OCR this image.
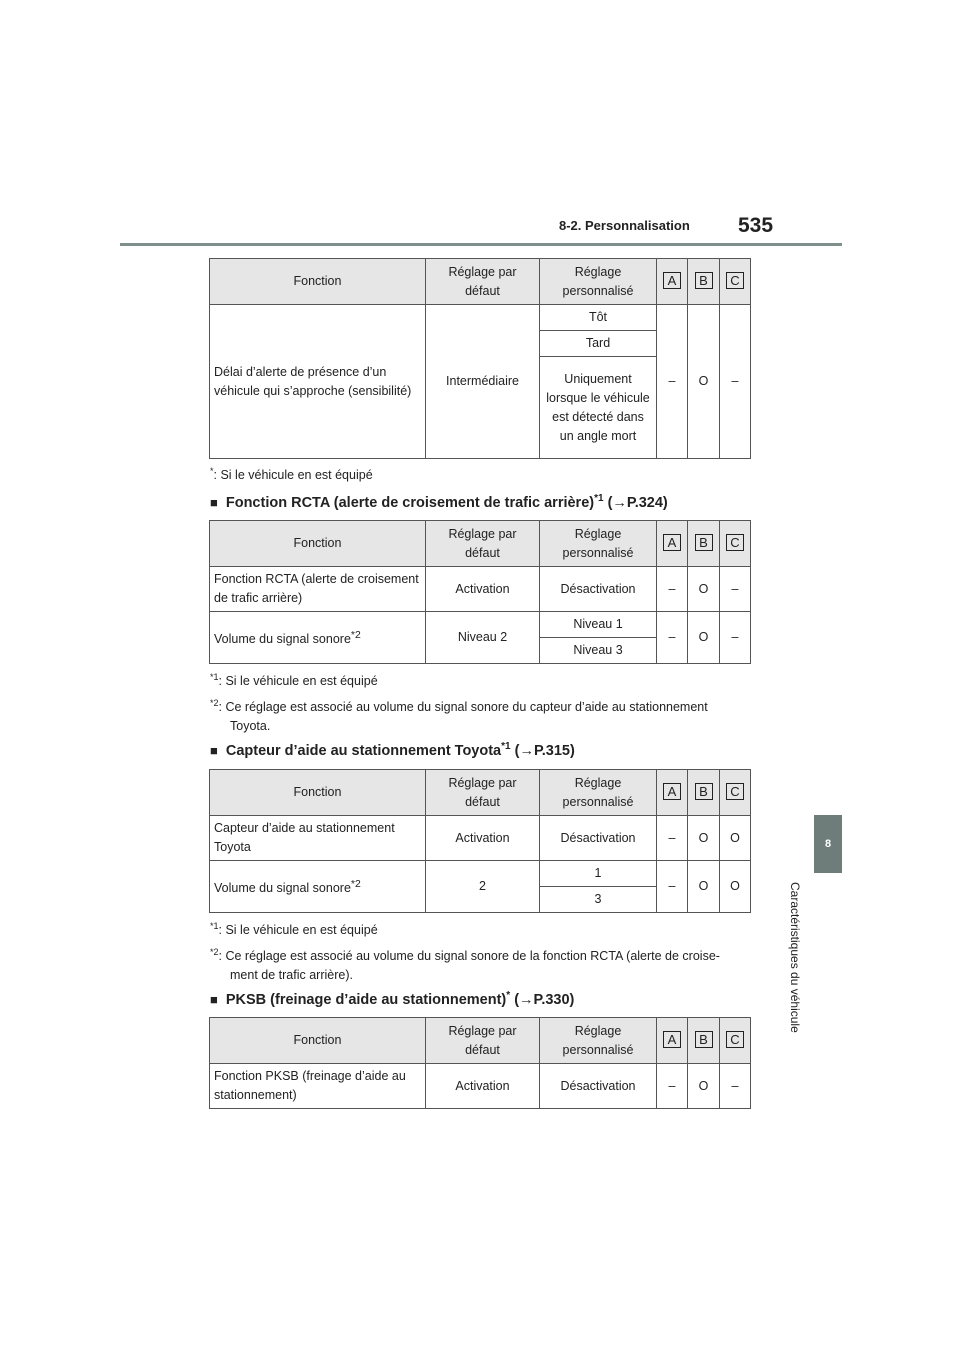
8-2. Personnalisation 535
8
Caractéristiques du véhicule
Fonction	Réglage par défaut	Réglage personnalisé	A	B	C
Délai d’alerte de présence d’un véhicule qui s’approche (sensibilité)	Intermédiaire	Tôt	–	O	–
		Tard			
		Uniquement lorsque le véhicule est détecté dans un angle mort			
*: Si le véhicule en est équipé
■ Fonction RCTA (alerte de croisement de trafic arrière)$^{*1}$ (→P.324)
Fonction	Réglage par défaut	Réglage personnalisé	A	B	C
Fonction RCTA (alerte de croisement de trafic arrière)	Activation	Désactivation	–	O	–
Volume du signal sonore$^{*2}$	Niveau 2	Niveau 1	–	O	–
		Niveau 3			
$^{*1}$: Si le véhicule en est équipé
$^{*2}$: Ce réglage est associé au volume du signal sonore du capteur d’aide au stationnement
Toyota.
■ Capteur d’aide au stationnement Toyota$^{*1}$ (→P.315)
Fonction	Réglage par défaut	Réglage personnalisé	A	B	C
Capteur d’aide au stationnement Toyota	Activation	Désactivation	–	O	O
Volume du signal sonore$^{*2}$	2	1	–	O	O
		3			
$^{*1}$: Si le véhicule en est équipé
$^{*2}$: Ce réglage est associé au volume du signal sonore de la fonction RCTA (alerte de croise-
ment de trafic arrière).
■ PKSB (freinage d’aide au stationnement)* (→P.330)
Fonction	Réglage par défaut	Réglage personnalisé	A	B	C
Fonction PKSB (freinage d’aide au stationnement)	Activation	Désactivation	–	O	–
